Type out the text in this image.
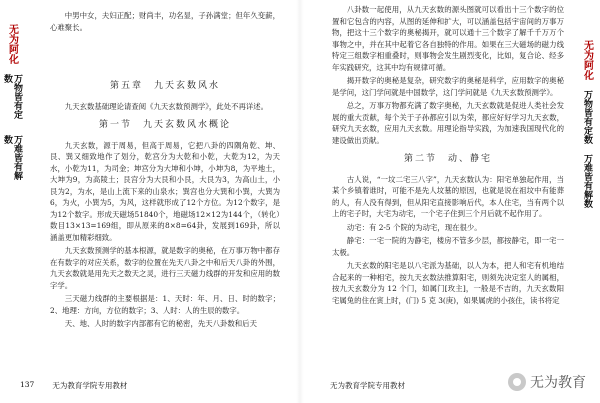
无为阿化
万物皆有定数
万难皆有解数

中男中女，夫妇正配；财尚丰，功名显，子孙满堂；但年久变薪，心难聚长。

第五章　九天玄数风水

九天玄数基础理论请查阅《九天玄数预测学》，此处不再详述。

第一节　九天玄数风水概论

九天玄数，源于周易，但高于周易，它把八卦的四隅角乾、坤、艮、巽又细致地作了划分，乾宫分为大乾和小乾，大乾为12，为天水，小乾为11，为司金；坤宫分为大坤和小坤，小坤为8，为平地土，大坤为9，为高陵土；艮宫分为大艮和小艮，大艮为3，为高山土，小艮为2，为水，是山上流下来的山泉水；巽宫也分大巽和小巽，大巽为6，为火，小巽为5，为风，这样就形成了12个方位。为12个数字，是为12个数字。形成天磁场51840个，地磁场12×12为144个，（转化）数目13×13=169组，即从原来的8×8=64卦，发展到169卦，所以涵盖更加精彩细致。

九天玄数预测学的基本根源，就是数字的奥秘，在万事万物中都存在有数字的对应关系，数字的位置在先天八卦之中和后天八卦的外围，九天玄数就是用先天之数天之灵，进行三天磁力线群的开发和应用的数字学。

三天磁力线群的主要根据是：1、天时：年、月、日、时的数字；2、地理：方向，方位的数字；3、人时：人的生辰的数字。

天、地、人时的数字内部都有它的秘密，先天八卦数和后天

137 无为教育学院专用教材

八卦数一起使用，从九天玄数的源头图就可以看出十三个数字的位置和它包含的内容，从图的延伸和扩大，可以涵盖包括宇宙间的万事万物，把这十三个数字的奥秘揭开，就可以通十三个数字了解千千万万个事物之中，并在其中起着它各自独特的作用。如果在三大磁场的磁力线特定三组数字相重叠时，则事物会发生剧烈变化，比如，复合论、经多年实践研究，这其中均有规律可循。

揭开数字的奥秘是复杂，研究数字的奥秘是科学，应用数字的奥秘是学问，这门学问就是中国数学，这门学问就是《九天玄数预测学》。

总之，万事万物都充满了数字奥秘，九天玄数就是促进人类社会发展的重大贡献，每个关于子孙都应引以为荣，都应好好学习九天玄数，研究九天玄数，应用九天玄数。用理论指导实践，为加速我国现代化的建设做出贡献。

第二节　动、静宅

古人说，“一坟二宅三八字”，九天玄数认为：阳宅单独起作用，当某个乡镇着谁时，可能不是先人坟墓的原因，也就是说在祖坟中有能葬的人，有人没有得到，但从阳宅直接影响后代，本人住宅，当有两个以上的宅子时，大宅为动宅，一个宅子住到三个月后就不起作用了。

动宅：有 2-5 个院的为动宅，现在很少。

静宅：一宅一院的为静宅，楼房不管多少层，都按静宅，即一宅一太极。

九天玄数的阳宅是以八宅派为基础，以人为本，把人和宅有机地结合起来的一种相宅，按九天玄数法推算阳宅，则须先决定室人的属相，按九天玄数分为 12 个门，如属门[玫主]，一般是不吉的，九天玄数阳宅属兔的住在寅上时，(门) 5 克 3(庚)，如果属虎的小孩住，读书将定

无为阿化
万物皆有定数
万难皆有解数
无为教育学院专用教材	无为教育
